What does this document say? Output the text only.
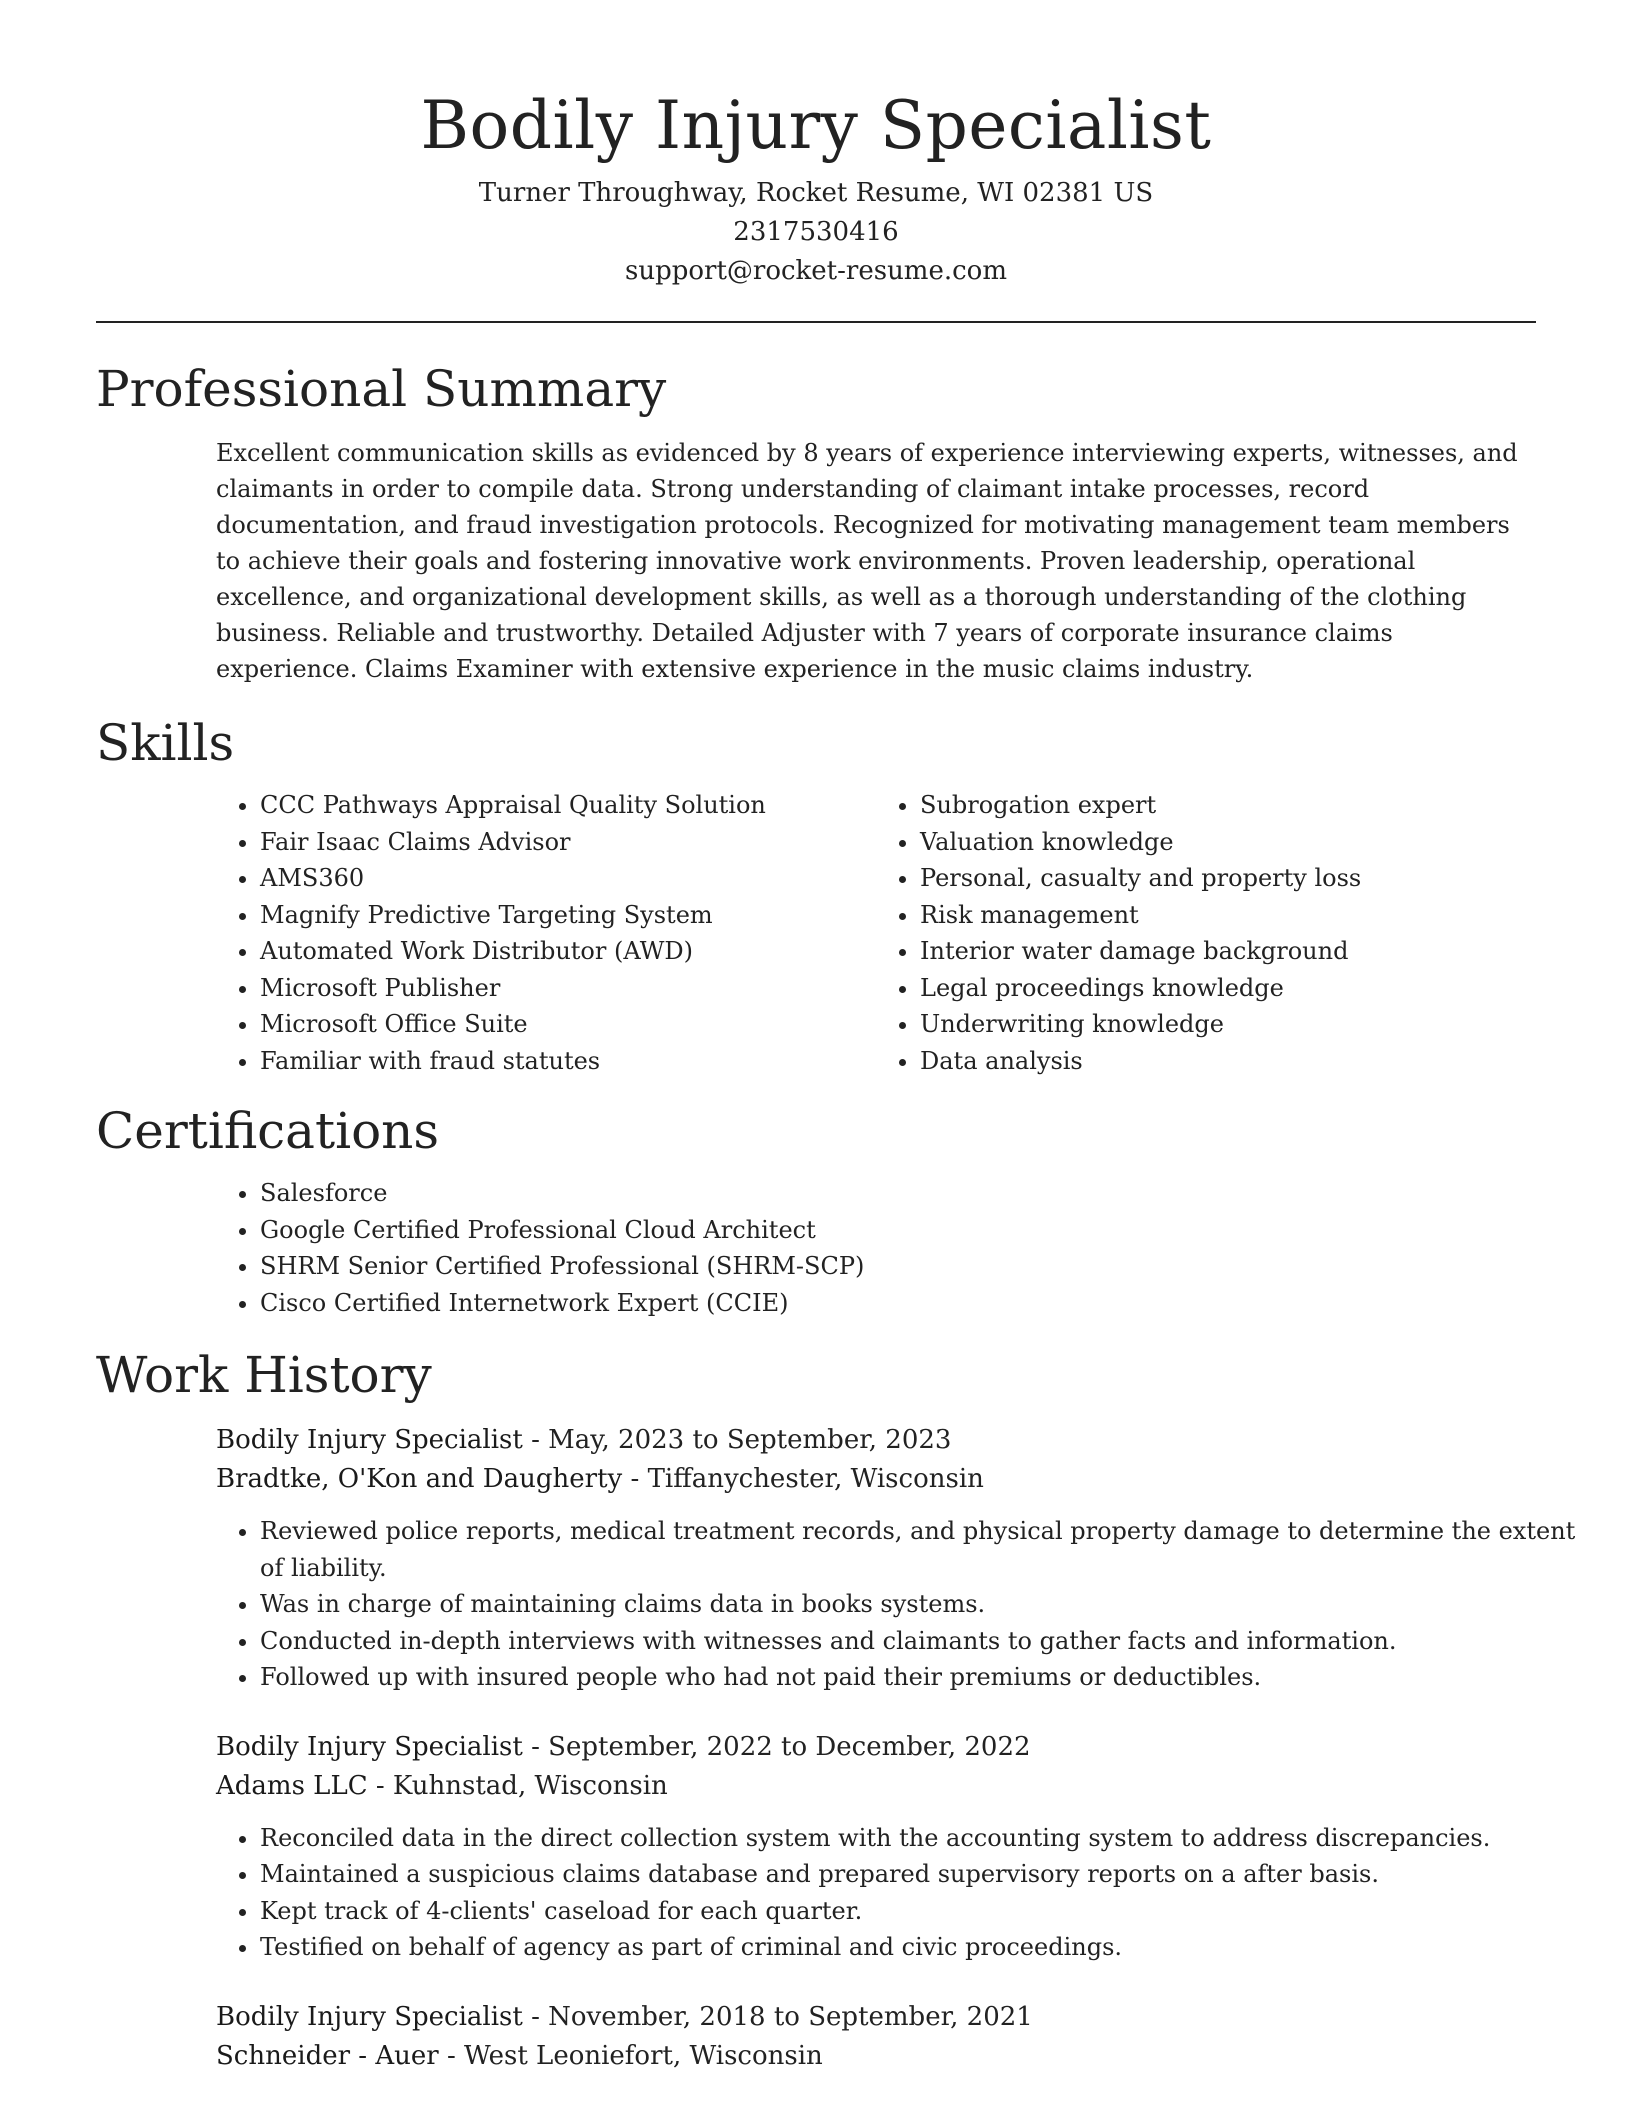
Bodily Injury Specialist
Turner Throughway, Rocket Resume, WI 02381 US
2317530416
support@rocket-resume.com
Professional Summary

Excellent communication skills as evidenced by 8 years of experience interviewing experts, witnesses, and claimants in order to compile data. Strong understanding of claimant intake processes, record documentation, and fraud investigation protocols. Recognized for motivating management team members to achieve their goals and fostering innovative work environments. Proven leadership, operational excellence, and organizational development skills, as well as a thorough understanding of the clothing business. Reliable and trustworthy. Detailed Adjuster with 7 years of corporate insurance claims experience. Claims Examiner with extensive experience in the music claims industry.

Skills
• CCC Pathways Appraisal Quality Solution
• Fair Isaac Claims Advisor
• AMS360
• Magnify Predictive Targeting System
• Automated Work Distributor (AWD)
• Microsoft Publisher
• Microsoft Office Suite
• Familiar with fraud statutes
• Subrogation expert
• Valuation knowledge
• Personal, casualty and property loss
• Risk management
• Interior water damage background
• Legal proceedings knowledge
• Underwriting knowledge
• Data analysis
Certifications
• Salesforce
• Google Certified Professional Cloud Architect
• SHRM Senior Certified Professional (SHRM-SCP)
• Cisco Certified Internetwork Expert (CCIE)
Work History
Bodily Injury Specialist - May, 2023 to September, 2023
Bradtke, O'Kon and Daugherty - Tiffanychester, Wisconsin
• Reviewed police reports, medical treatment records, and physical property damage to determine the extent of liability.
• Was in charge of maintaining claims data in books systems.
• Conducted in-depth interviews with witnesses and claimants to gather facts and information.
• Followed up with insured people who had not paid their premiums or deductibles.
Bodily Injury Specialist - September, 2022 to December, 2022
Adams LLC - Kuhnstad, Wisconsin
• Reconciled data in the direct collection system with the accounting system to address discrepancies.
• Maintained a suspicious claims database and prepared supervisory reports on a after basis.
• Kept track of 4-clients' caseload for each quarter.
• Testified on behalf of agency as part of criminal and civic proceedings.
Bodily Injury Specialist - November, 2018 to September, 2021
Schneider - Auer - West Leoniefort, Wisconsin
